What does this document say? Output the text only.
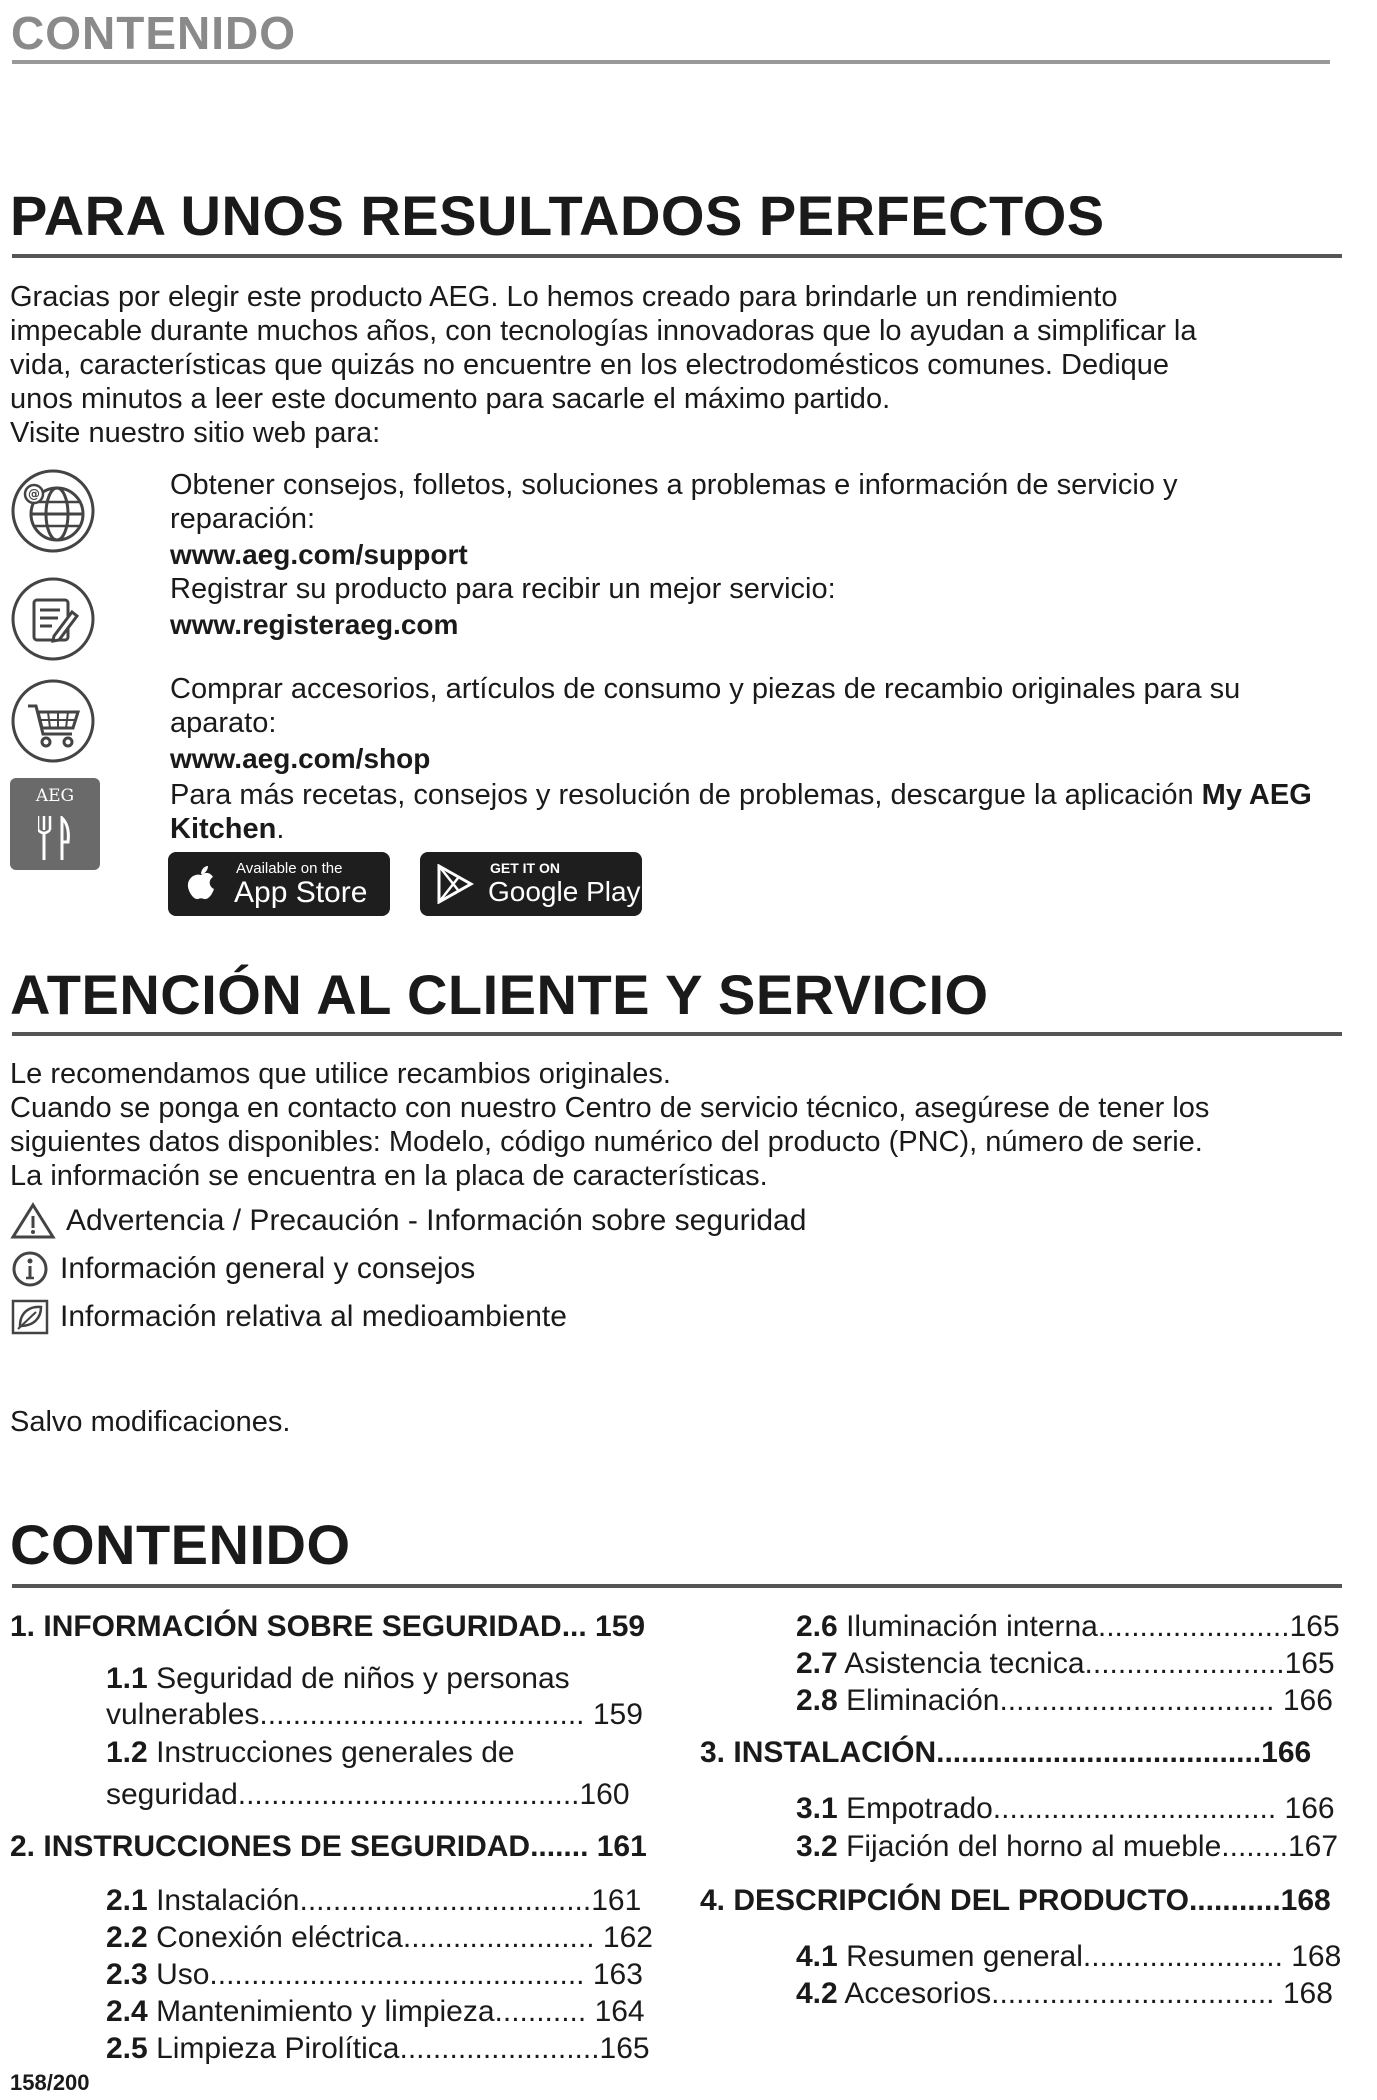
CONTENIDO
PARA UNOS RESULTADOS PERFECTOS
Gracias por elegir este producto AEG. Lo hemos creado para brindarle un rendimiento
impecable durante muchos años, con tecnologías innovadoras que lo ayudan a simplificar la
vida, características que quizás no encuentre en los electrodomésticos comunes. Dedique
unos minutos a leer este documento para sacarle el máximo partido.
Visite nuestro sitio web para:
@	Obtener consejos, folletos, soluciones a problemas e información de servicio y
reparación:
www.aeg.com/support
Registrar su producto para recibir un mejor servicio:
www.registeraeg.com
Comprar accesorios, artículos de consumo y piezas de recambio originales para su
aparato:
www.aeg.com/shop
AEG	Para más recetas, consejos y resolución de problemas, descargue la aplicación My AEG
Kitchen.
Available on the
App Store
GET IT ON
Google Play
ATENCIÓN AL CLIENTE Y SERVICIO
Le recomendamos que utilice recambios originales.
Cuando se ponga en contacto con nuestro Centro de servicio técnico, asegúrese de tener los
siguientes datos disponibles: Modelo, código numérico del producto (PNC), número de serie.
La información se encuentra en la placa de características.
Advertencia / Precaución - Información sobre seguridad
Información general y consejos
Información relativa al medioambiente
Salvo modificaciones.
CONTENIDO
1. INFORMACIÓN SOBRE SEGURIDAD... 159
1.1 Seguridad de niños y personas
vulnerables....................................... 159
1.2 Instrucciones generales de
seguridad.........................................160
2. INSTRUCCIONES DE SEGURIDAD....... 161
2.1 Instalación...................................161
2.2 Conexión eléctrica....................... 162
2.3 Uso............................................. 163
2.4 Mantenimiento y limpieza........... 164
2.5 Limpieza Pirolítica........................165
2.6 Iluminación interna.......................165
2.7 Asistencia tecnica........................165
2.8 Eliminación................................. 166
3. INSTALACIÓN.......................................166
3.1 Empotrado.................................. 166
3.2 Fijación del horno al mueble........167
4. DESCRIPCIÓN DEL PRODUCTO...........168
4.1 Resumen general........................ 168
4.2 Accesorios.................................. 168
158/200
